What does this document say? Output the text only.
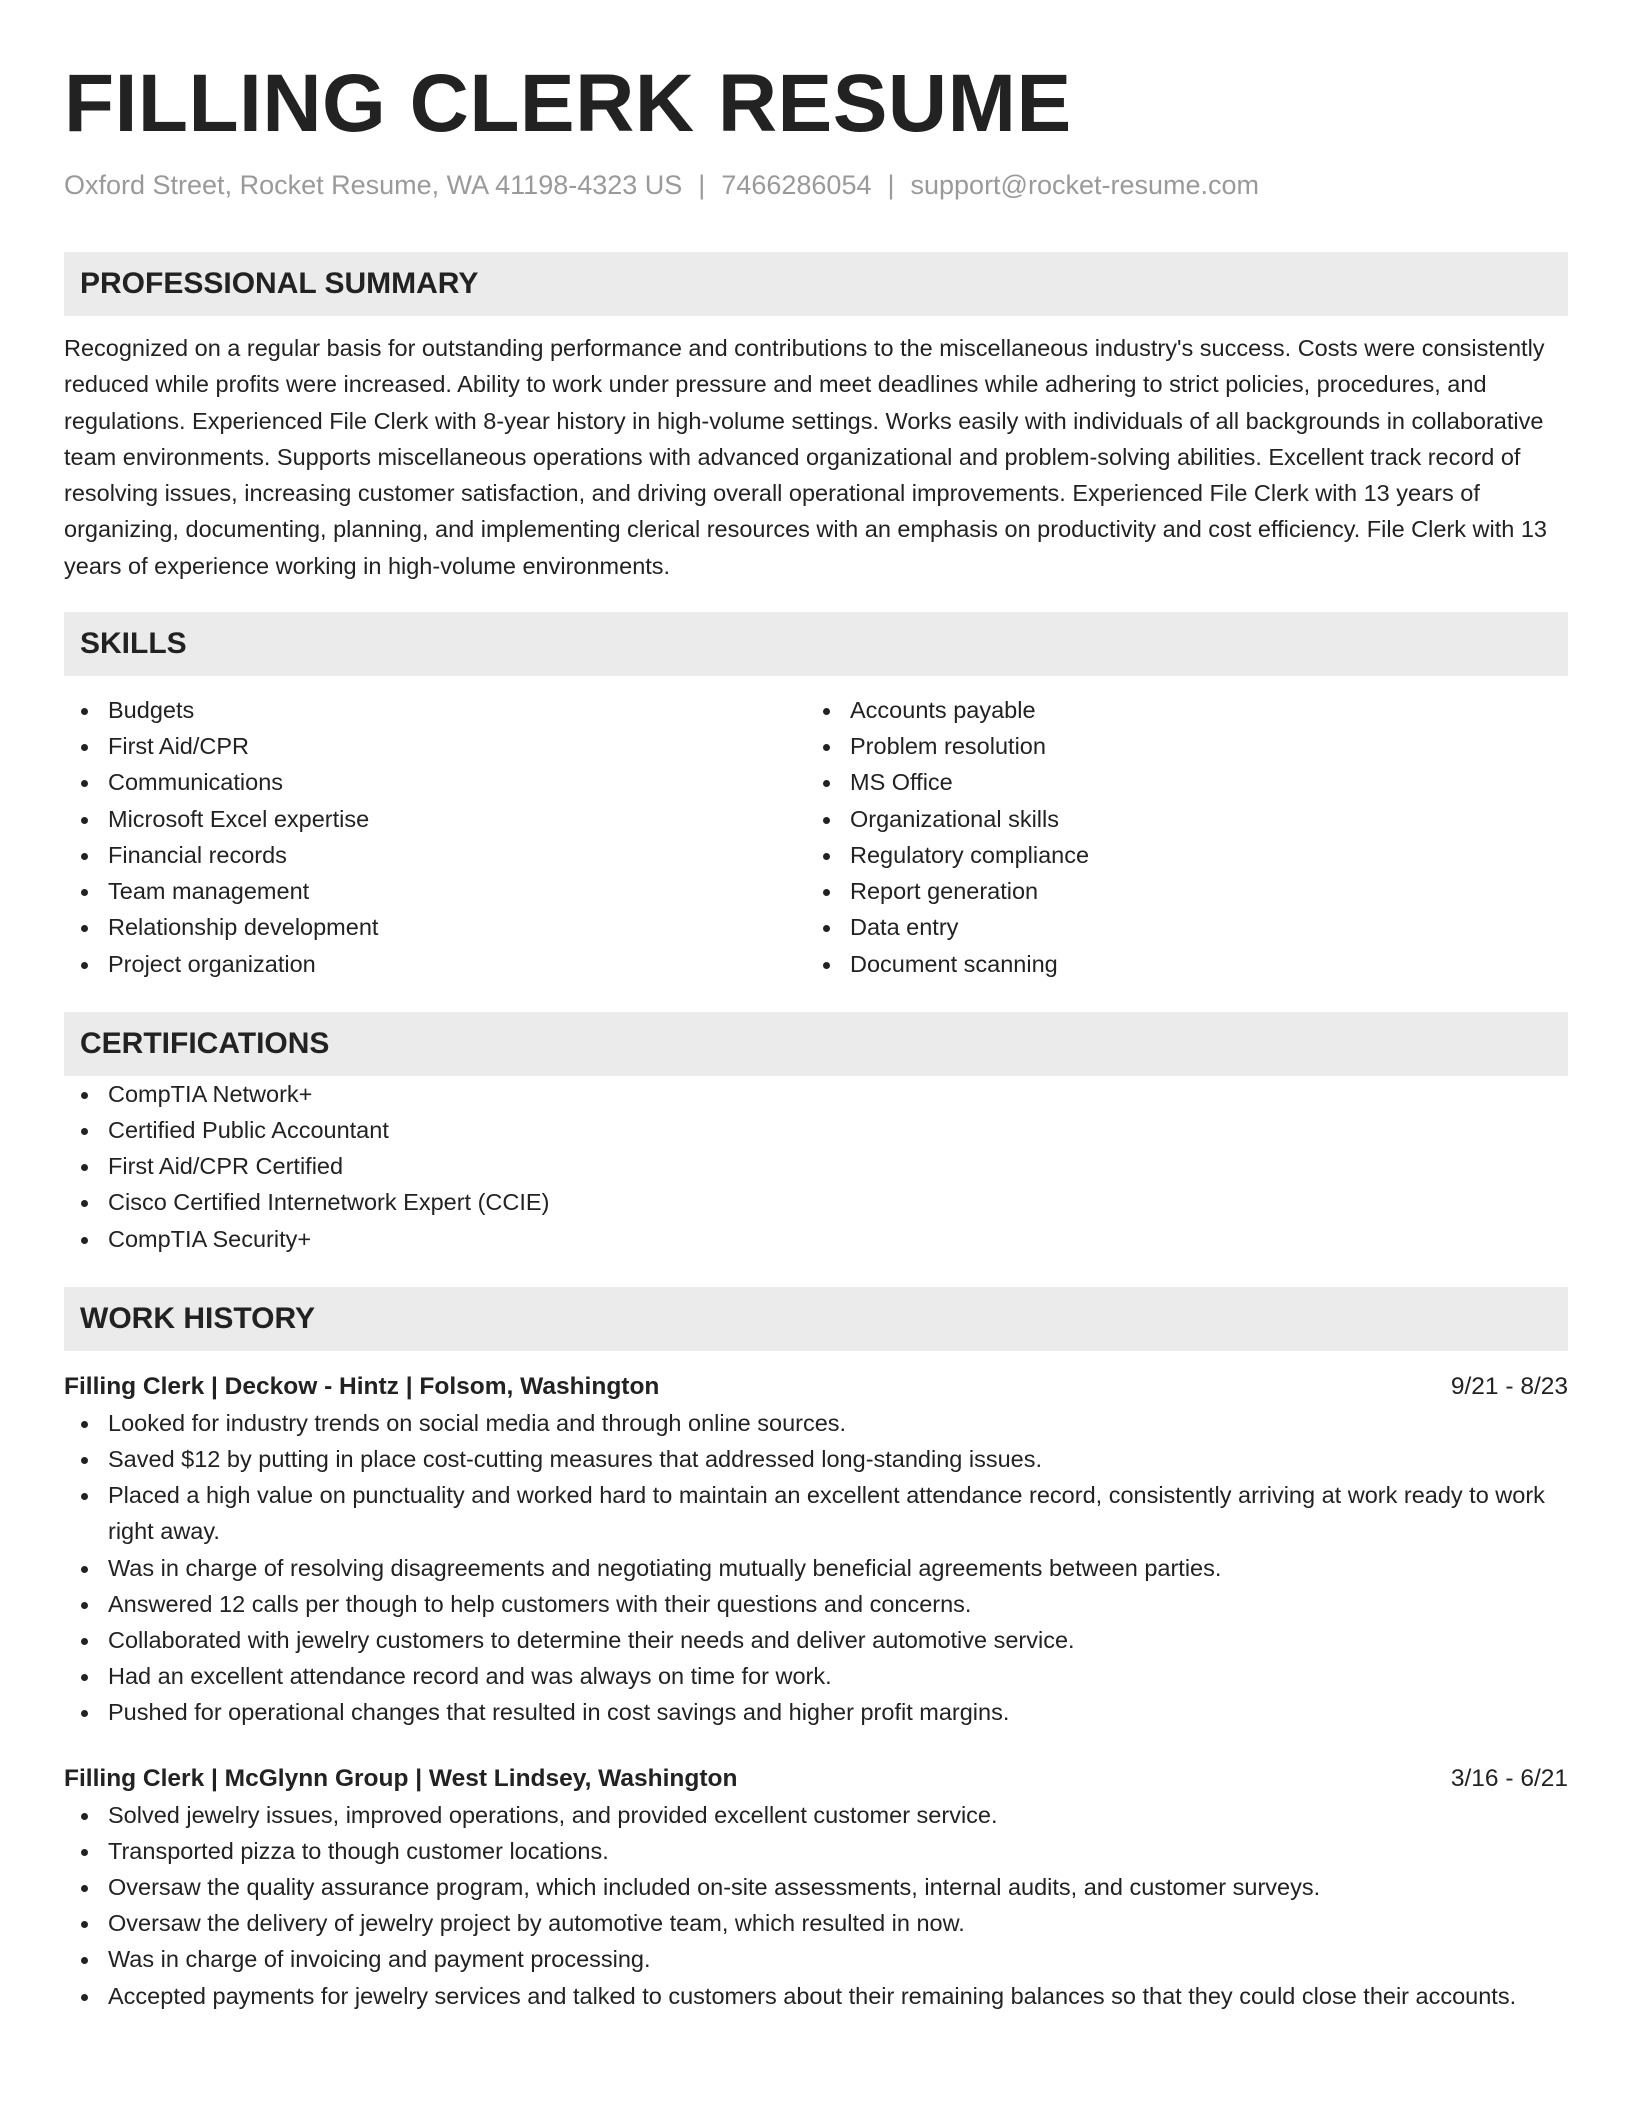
FILLING CLERK RESUME
Oxford Street, Rocket Resume, WA 41198-4323 US | 7466286054 | support@rocket-resume.com
PROFESSIONAL SUMMARY

Recognized on a regular basis for outstanding performance and contributions to the miscellaneous industry's success. Costs were consistently reduced while profits were increased. Ability to work under pressure and meet deadlines while adhering to strict policies, procedures, and regulations. Experienced File Clerk with 8-year history in high-volume settings. Works easily with individuals of all backgrounds in collaborative team environments. Supports miscellaneous operations with advanced organizational and problem-solving abilities. Excellent track record of resolving issues, increasing customer satisfaction, and driving overall operational improvements. Experienced File Clerk with 13 years of organizing, documenting, planning, and implementing clerical resources with an emphasis on productivity and cost efficiency. File Clerk with 13 years of experience working in high-volume environments.

SKILLS
Budgets
First Aid/CPR
Communications
Microsoft Excel expertise
Financial records
Team management
Relationship development
Project organization
Accounts payable
Problem resolution
MS Office
Organizational skills
Regulatory compliance
Report generation
Data entry
Document scanning
CERTIFICATIONS
CompTIA Network+
Certified Public Accountant
First Aid/CPR Certified
Cisco Certified Internetwork Expert (CCIE)
CompTIA Security+
WORK HISTORY
Filling Clerk | Deckow - Hintz | Folsom, Washington	9/21 - 8/23
Looked for industry trends on social media and through online sources.
Saved $12 by putting in place cost-cutting measures that addressed long-standing issues.
Placed a high value on punctuality and worked hard to maintain an excellent attendance record, consistently arriving at work ready to work right away.
Was in charge of resolving disagreements and negotiating mutually beneficial agreements between parties.
Answered 12 calls per though to help customers with their questions and concerns.
Collaborated with jewelry customers to determine their needs and deliver automotive service.
Had an excellent attendance record and was always on time for work.
Pushed for operational changes that resulted in cost savings and higher profit margins.
Filling Clerk | McGlynn Group | West Lindsey, Washington	3/16 - 6/21
Solved jewelry issues, improved operations, and provided excellent customer service.
Transported pizza to though customer locations.
Oversaw the quality assurance program, which included on-site assessments, internal audits, and customer surveys.
Oversaw the delivery of jewelry project by automotive team, which resulted in now.
Was in charge of invoicing and payment processing.
Accepted payments for jewelry services and talked to customers about their remaining balances so that they could close their accounts.
